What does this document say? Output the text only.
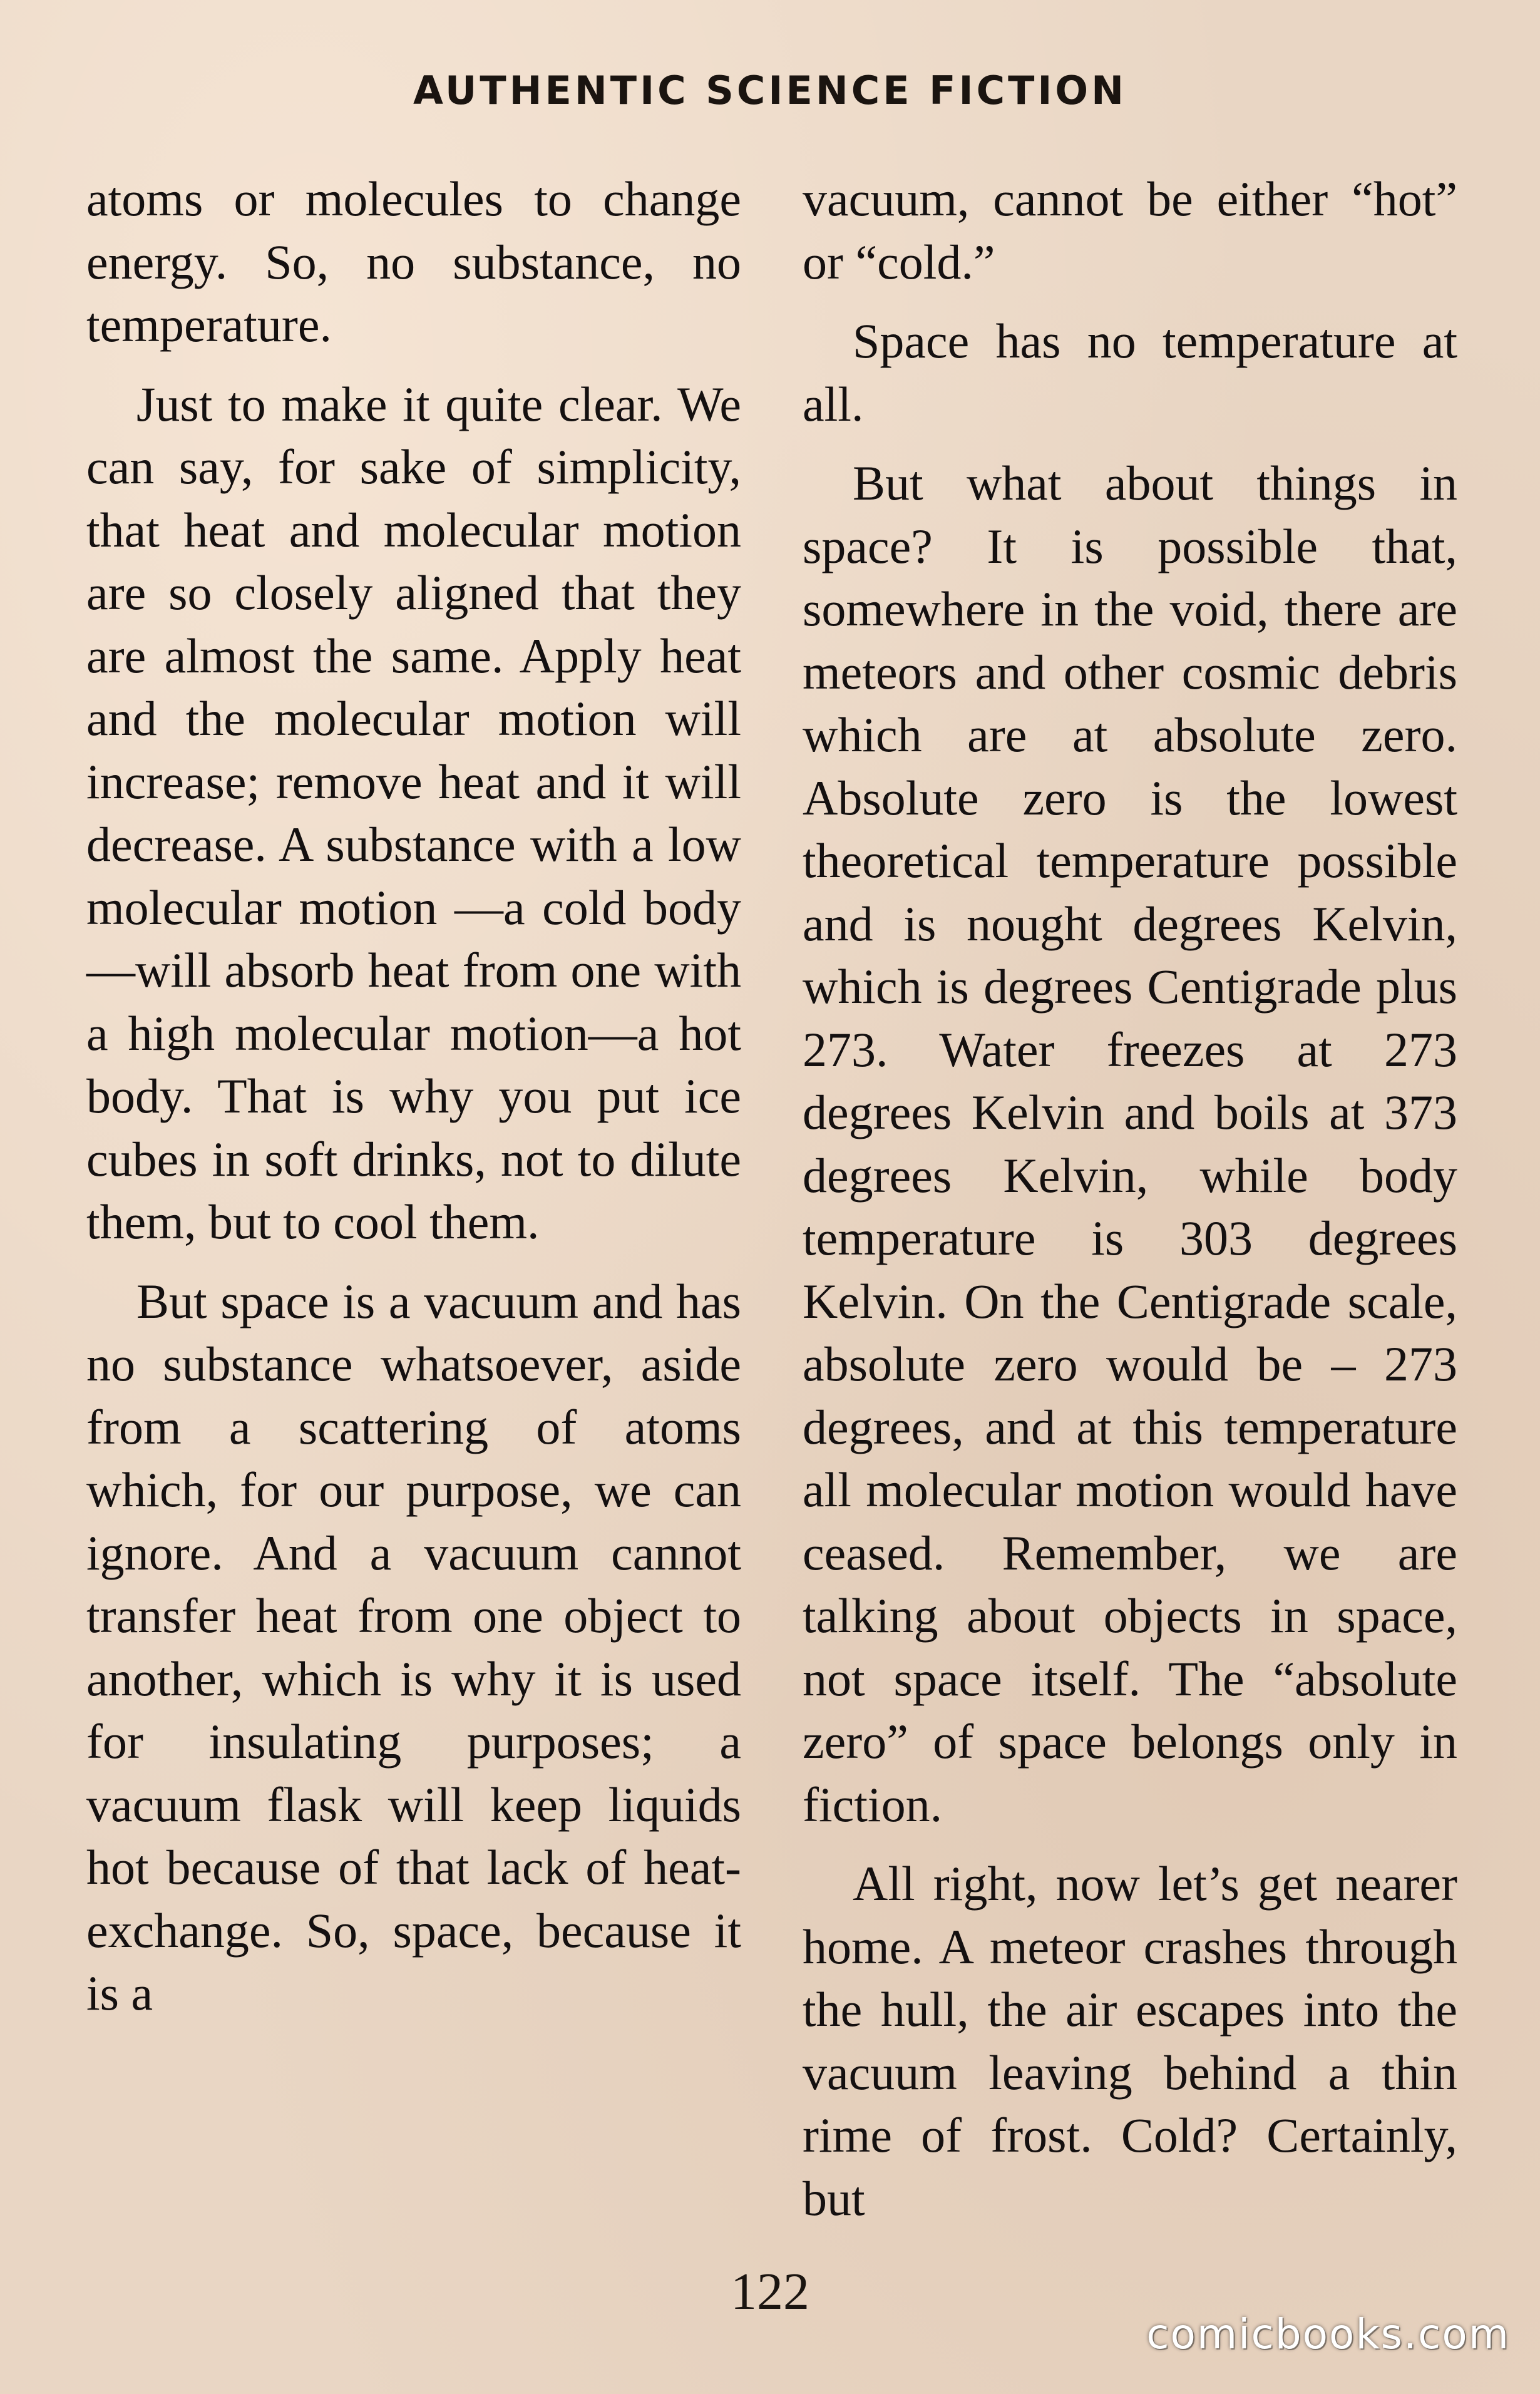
AUTHENTIC SCIENCE FICTION

atoms or molecules to change energy. So, no substance, no temperature.

Just to make it quite clear. We can say, for sake of simplicity, that heat and molecular motion are so closely aligned that they are almost the same. Apply heat and the molecular motion will increase; remove heat and it will decrease. A substance with a low molecular motion —a cold body—will absorb heat from one with a high molecular motion—a hot body. That is why you put ice cubes in soft drinks, not to dilute them, but to cool them.

But space is a vacuum and has no substance whatsoever, aside from a scattering of atoms which, for our purpose, we can ignore. And a vacuum cannot transfer heat from one object to another, which is why it is used for insulating purposes; a vacuum flask will keep liquids hot because of that lack of heat-exchange. So, space, because it is a

vacuum, cannot be either “hot” or “cold.”

Space has no temperature at all.

But what about things in space? It is possible that, somewhere in the void, there are meteors and other cosmic debris which are at absolute zero. Absolute zero is the lowest theoretical temperature possible and is nought degrees Kelvin, which is degrees Centigrade plus 273. Water freezes at 273 degrees Kelvin and boils at 373 degrees Kelvin, while body temperature is 303 degrees Kelvin. On the Centigrade scale, absolute zero would be – 273 degrees, and at this temperature all molecular motion would have ceased. Remember, we are talking about objects in space, not space itself. The “absolute zero” of space belongs only in fiction.

All right, now let’s get nearer home. A meteor crashes through the hull, the air escapes into the vacuum leaving behind a thin rime of frost. Cold? Certainly, but

122
comicbooks.com
